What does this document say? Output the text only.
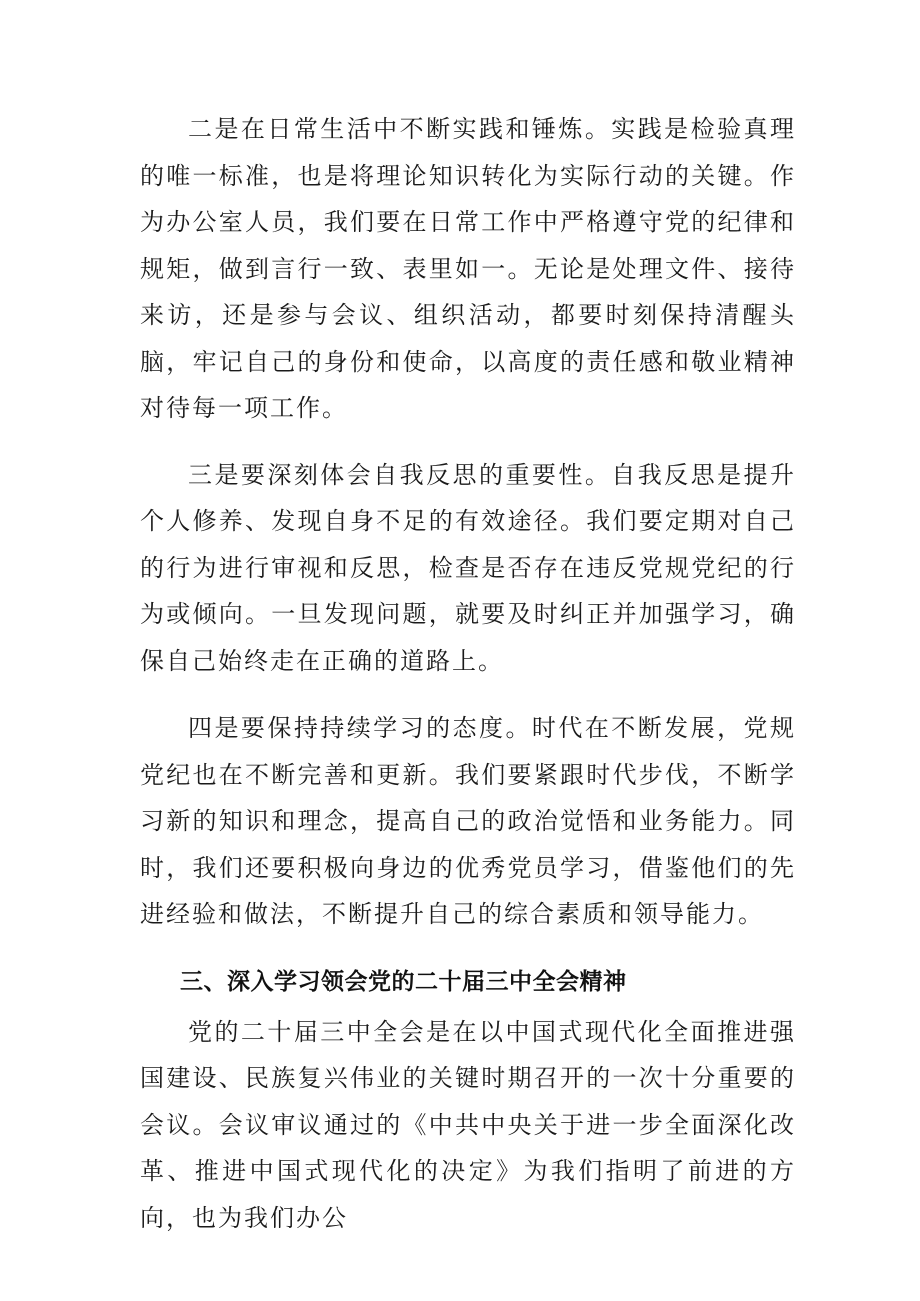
二是在日常生活中不断实践和锤炼。实践是检验真理的唯一标准，也是将理论知识转化为实际行动的关键。作为办公室人员，我们要在日常工作中严格遵守党的纪律和规矩，做到言行一致、表里如一。无论是处理文件、接待来访，还是参与会议、组织活动，都要时刻保持清醒头脑，牢记自己的身份和使命，以高度的责任感和敬业精神对待每一项工作。

三是要深刻体会自我反思的重要性。自我反思是提升个人修养、发现自身不足的有效途径。我们要定期对自己的行为进行审视和反思，检查是否存在违反党规党纪的行为或倾向。一旦发现问题，就要及时纠正并加强学习，确保自己始终走在正确的道路上。

四是要保持持续学习的态度。时代在不断发展，党规党纪也在不断完善和更新。我们要紧跟时代步伐，不断学习新的知识和理念，提高自己的政治觉悟和业务能力。同时，我们还要积极向身边的优秀党员学习，借鉴他们的先进经验和做法，不断提升自己的综合素质和领导能力。

三、深入学习领会党的二十届三中全会精神

党的二十届三中全会是在以中国式现代化全面推进强国建设、民族复兴伟业的关键时期召开的一次十分重要的会议。会议审议通过的《中共中央关于进一步全面深化改革、推进中国式现代化的决定》为我们指明了前进的方向，也为我们办公
